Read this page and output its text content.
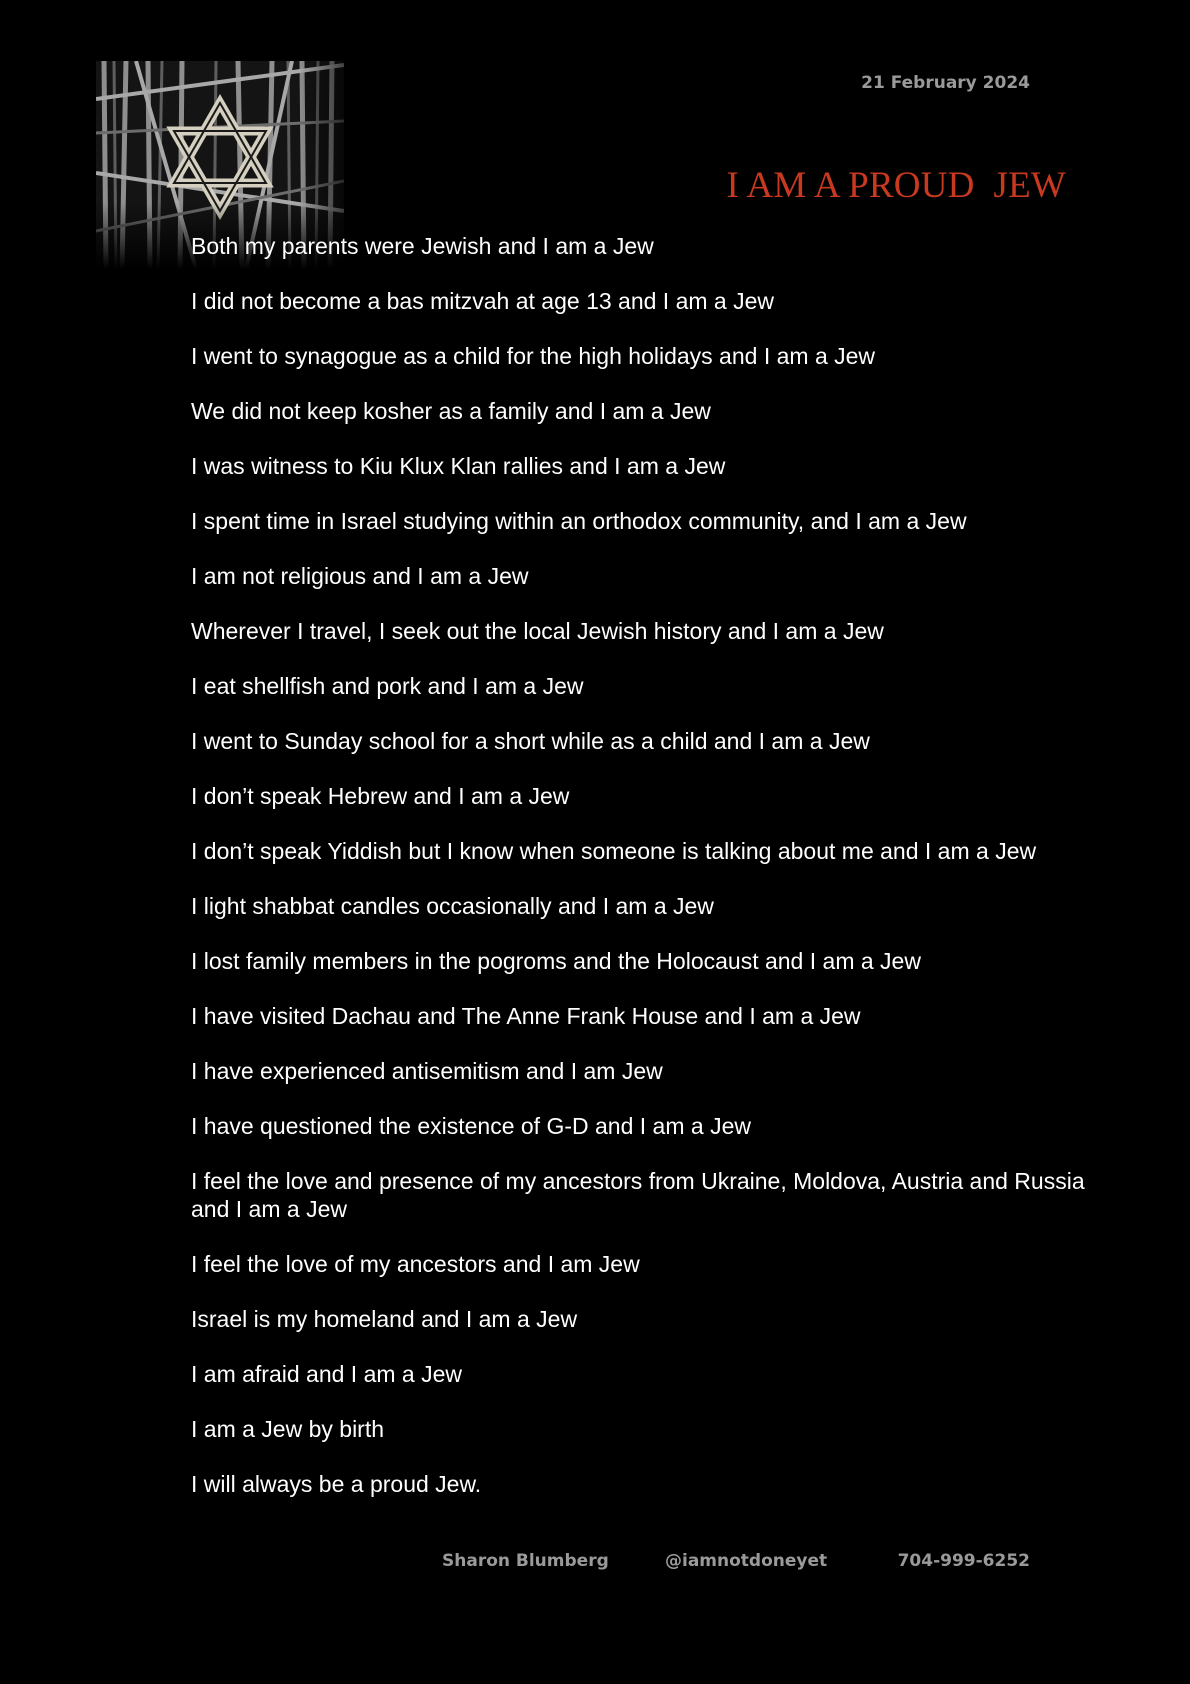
21 February 2024
I AM A PROUD  JEW
Both my parents were Jewish and I am a Jew
I did not become a bas mitzvah at age 13 and I am a Jew
I went to synagogue as a child for the high holidays and I am a Jew
We did not keep kosher as a family and I am a Jew
I was witness to Kiu Klux Klan rallies and I am a Jew
I spent time in Israel studying within an orthodox community, and I am a Jew
I am not religious and I am a Jew
Wherever I travel, I seek out the local Jewish history and I am a Jew
I eat shellfish and pork and I am a Jew
I went to Sunday school for a short while as a child and I am a Jew
I don’t speak Hebrew and I am a Jew
I don’t speak Yiddish but I know when someone is talking about me and I am a Jew
I light shabbat candles occasionally and I am a Jew
I lost family members in the pogroms and the Holocaust and I am a Jew
I have visited Dachau and The Anne Frank House and I am a Jew
I have experienced antisemitism and I am Jew
I have questioned the existence of G-D and I am a Jew
I feel the love and presence of my ancestors from Ukraine, Moldova, Austria and Russia and I am a Jew
I feel the love of my ancestors and I am Jew
Israel is my homeland and I am a Jew
I am afraid and I am a Jew
I am a Jew by birth
I will always be a proud Jew.
Sharon Blumberg	@iamnotdoneyet	704-999-6252
